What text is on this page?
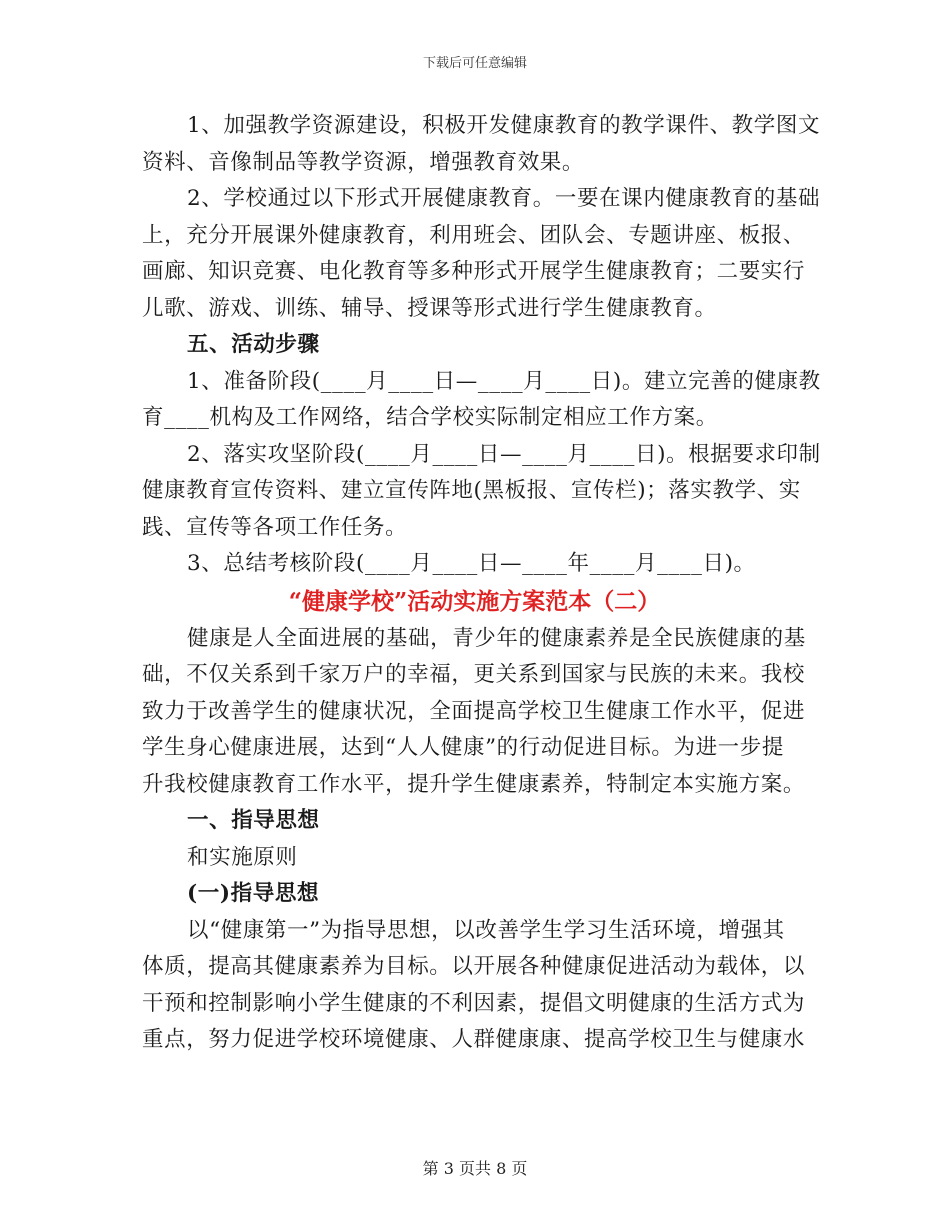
下载后可任意编辑
1、加强教学资源建设，积极开发健康教育的教学课件、教学图文
资料、音像制品等教学资源，增强教育效果。
2、学校通过以下形式开展健康教育。一要在课内健康教育的基础
上，充分开展课外健康教育，利用班会、团队会、专题讲座、板报、
画廊、知识竞赛、电化教育等多种形式开展学生健康教育；二要实行
儿歌、游戏、训练、辅导、授课等形式进行学生健康教育。
五、活动步骤
1、准备阶段(____月____日—____月____日)。建立完善的健康教
育____机构及工作网络，结合学校实际制定相应工作方案。
2、落实攻坚阶段(____月____日—____月____日)。根据要求印制
健康教育宣传资料、建立宣传阵地(黑板报、宣传栏)；落实教学、实
践、宣传等各项工作任务。
3、总结考核阶段(____月____日—____年____月____日)。
“健康学校”活动实施方案范本（二）
健康是人全面进展的基础，青少年的健康素养是全民族健康的基
础，不仅关系到千家万户的幸福，更关系到国家与民族的未来。我校
致力于改善学生的健康状况，全面提高学校卫生健康工作水平，促进
学生身心健康进展，达到“人人健康”的行动促进目标。为进一步提
升我校健康教育工作水平，提升学生健康素养，特制定本实施方案。
一、指导思想
和实施原则
(一)指导思想
以“健康第一”为指导思想，以改善学生学习生活环境，增强其
体质，提高其健康素养为目标。以开展各种健康促进活动为载体，以
干预和控制影响小学生健康的不利因素，提倡文明健康的生活方式为
重点，努力促进学校环境健康、人群健康康、提高学校卫生与健康水
第 3 页共 8 页
